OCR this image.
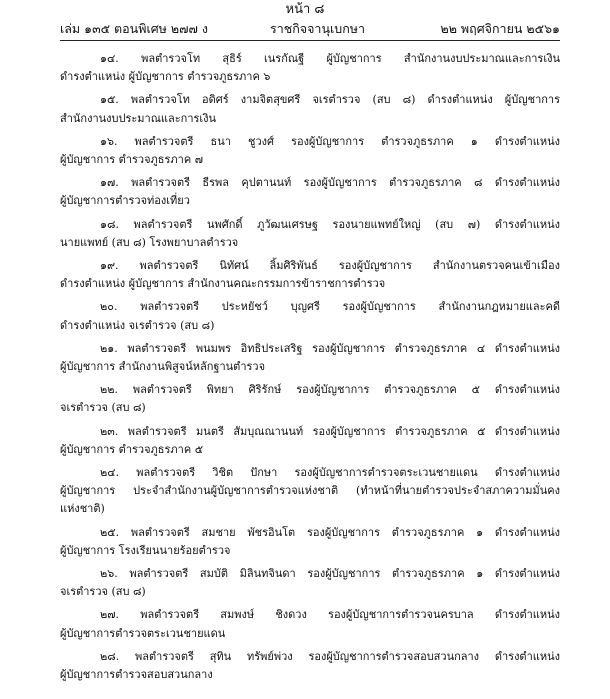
หน้า ๘
เล่ม ๑๓๕ ตอนพิเศษ ๒๗๗ ง	ราชกิจจานุเบกษา	๒๒ พฤศจิกายน ๒๕๖๑
๑๔. พลตำรวจโท สุธิร์ เนรกัณฐี ผู้บัญชาการ สำนักงานงบประมาณและการเงิน
ดำรงตำแหน่ง ผู้บัญชาการ ตำรวจภูธรภาค ๖
๑๕. พลตำรวจโท อดิศร์ งามจิตสุขศรี จเรตำรวจ (สบ ๘) ดำรงตำแหน่ง ผู้บัญชาการ
สำนักงานงบประมาณและการเงิน
๑๖. พลตำรวจตรี ธนา ชูวงศ์ รองผู้บัญชาการ ตำรวจภูธรภาค ๑ ดำรงตำแหน่ง
ผู้บัญชาการ ตำรวจภูธรภาค ๗
๑๗. พลตำรวจตรี ธีรพล คุปตานนท์ รองผู้บัญชาการ ตำรวจภูธรภาค ๘ ดำรงตำแหน่ง
ผู้บัญชาการตำรวจท่องเที่ยว
๑๘. พลตำรวจตรี นพศักดิ์ ภูวัฒนเศรษฐ รองนายแพทย์ใหญ่ (สบ ๗) ดำรงตำแหน่ง
นายแพทย์ (สบ ๘) โรงพยาบาลตำรวจ
๑๙. พลตำรวจตรี นิทัศน์ ลิ้มศิริพันธ์ รองผู้บัญชาการ สำนักงานตรวจคนเข้าเมือง
ดำรงตำแหน่ง ผู้บัญชาการ สำนักงานคณะกรรมการข้าราชการตำรวจ
๒๐. พลตำรวจตรี ประหยัชว์ บุญศรี รองผู้บัญชาการ สำนักงานกฎหมายและคดี
ดำรงตำแหน่ง จเรตำรวจ (สบ ๘)
๒๑. พลตำรวจตรี พนมพร อิทธิประเสริฐ รองผู้บัญชาการ ตำรวจภูธรภาค ๔ ดำรงตำแหน่ง
ผู้บัญชาการ สำนักงานพิสูจน์หลักฐานตำรวจ
๒๒. พลตำรวจตรี พิทยา ศิริรักษ์ รองผู้บัญชาการ ตำรวจภูธรภาค ๕ ดำรงตำแหน่ง
จเรตำรวจ (สบ ๘)
๒๓. พลตำรวจตรี มนตรี สัมบุณณานนท์ รองผู้บัญชาการ ตำรวจภูธรภาค ๕ ดำรงตำแหน่ง
ผู้บัญชาการ ตำรวจภูธรภาค ๕
๒๔. พลตำรวจตรี วิชิต ปักษา รองผู้บัญชาการตำรวจตระเวนชายแดน ดำรงตำแหน่ง
ผู้บัญชาการ ประจำสำนักงานผู้บัญชาการตำรวจแห่งชาติ (ทำหน้าที่นายตำรวจประจำสภาความมั่นคง
แห่งชาติ)
๒๕. พลตำรวจตรี สมชาย พัชรอินโต รองผู้บัญชาการ ตำรวจภูธรภาค ๑ ดำรงตำแหน่ง
ผู้บัญชาการ โรงเรียนนายร้อยตำรวจ
๒๖. พลตำรวจตรี สมบัติ มิลินทจินดา รองผู้บัญชาการ ตำรวจภูธรภาค ๑ ดำรงตำแหน่ง
จเรตำรวจ (สบ ๘)
๒๗. พลตำรวจตรี สมพงษ์ ชิงดวง รองผู้บัญชาการตำรวจนครบาล ดำรงตำแหน่ง
ผู้บัญชาการตำรวจตระเวนชายแดน
๒๘. พลตำรวจตรี สุทิน ทรัพย์พ่วง รองผู้บัญชาการตำรวจสอบสวนกลาง ดำรงตำแหน่ง
ผู้บัญชาการตำรวจสอบสวนกลาง
